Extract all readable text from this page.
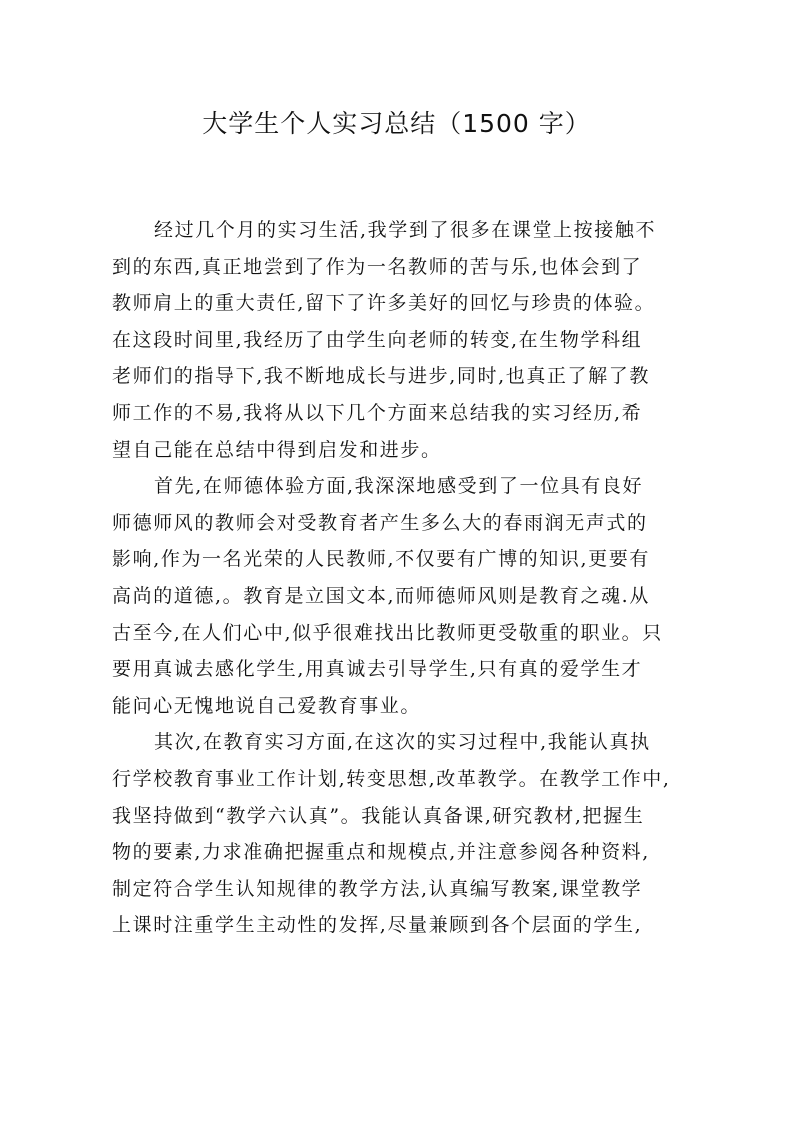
大学生个人实习总结（1500 字）
经过几个月的实习生活,我学到了很多在课堂上按接触不
到的东西,真正地尝到了作为一名教师的苦与乐,也体会到了
教师肩上的重大责任,留下了许多美好的回忆与珍贵的体验。
在这段时间里,我经历了由学生向老师的转变,在生物学科组
老师们的指导下,我不断地成长与进步,同时,也真正了解了教
师工作的不易,我将从以下几个方面来总结我的实习经历,希
望自己能在总结中得到启发和进步。
首先,在师德体验方面,我深深地感受到了一位具有良好
师德师风的教师会对受教育者产生多么大的春雨润无声式的
影响,作为一名光荣的人民教师,不仅要有广博的知识,更要有
高尚的道德,。教育是立国文本,而师德师风则是教育之魂.从
古至今,在人们心中,似乎很难找出比教师更受敬重的职业。只
要用真诚去感化学生,用真诚去引导学生,只有真的爱学生才
能问心无愧地说自己爱教育事业。
其次,在教育实习方面,在这次的实习过程中,我能认真执
行学校教育事业工作计划,转变思想,改革教学。在教学工作中,
我坚持做到“教学六认真”。我能认真备课,研究教材,把握生
物的要素,力求准确把握重点和规模点,并注意参阅各种资料,
制定符合学生认知规律的教学方法,认真编写教案,课堂教学
上课时注重学生主动性的发挥,尽量兼顾到各个层面的学生,
